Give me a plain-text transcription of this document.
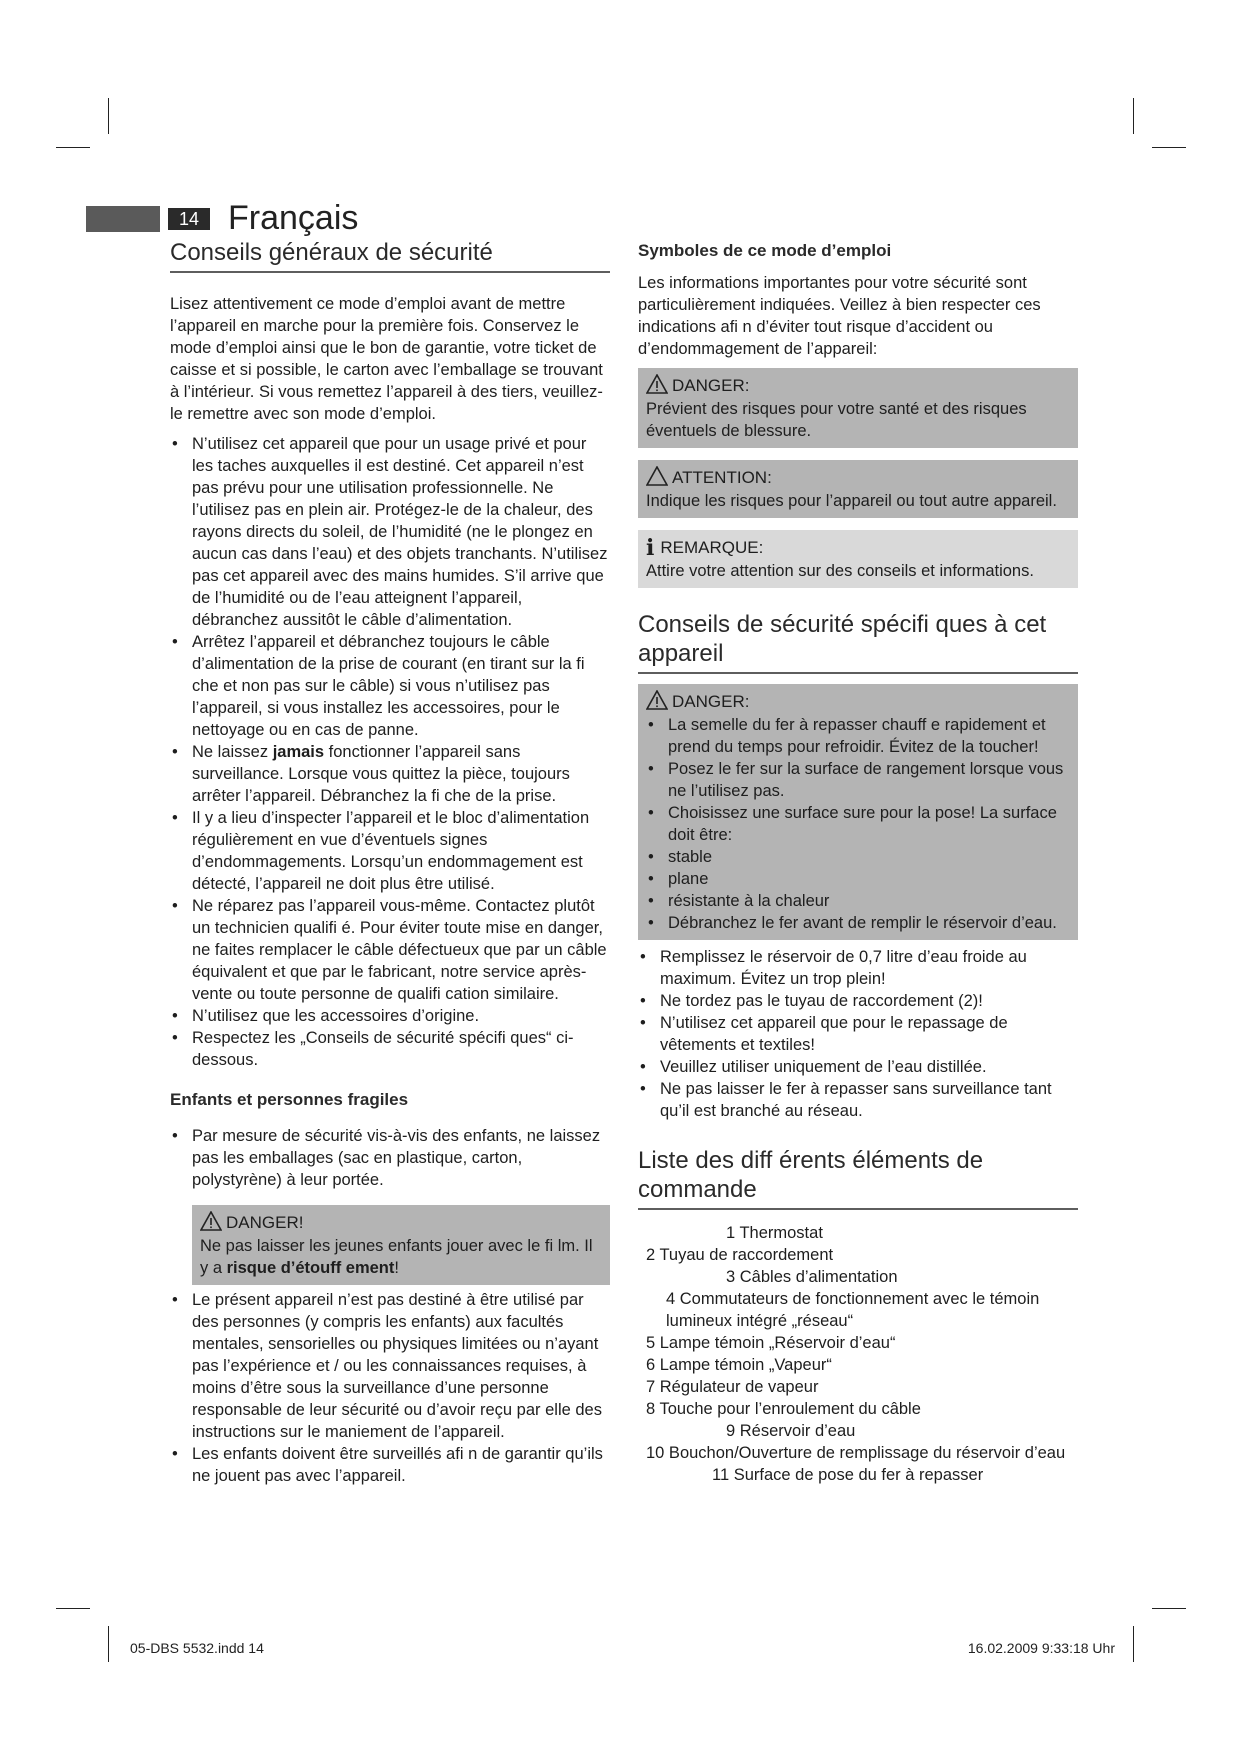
14 Français
Conseils généraux de sécurité

Lisez attentivement ce mode d’emploi avant de mettre l’appareil en marche pour la première fois. Conservez le mode d’emploi ainsi que le bon de garantie, votre ticket de caisse et si possible, le carton avec l’emballage se trouvant à l’intérieur. Si vous remettez l’appareil à des tiers, veuillez-le remettre avec son mode d’emploi.

• N’utilisez cet appareil que pour un usage privé et pour les taches auxquelles il est destiné. Cet appareil n’est pas prévu pour une utilisation professionnelle. Ne l’utilisez pas en plein air. Protégez-le de la chaleur, des rayons directs du soleil, de l’humidité (ne le plongez en aucun cas dans l’eau) et des objets tranchants. N’utilisez pas cet appareil avec des mains humides. S’il arrive que de l’humidité ou de l’eau atteignent l’appareil, débranchez aussitôt le câble d’alimentation.
• Arrêtez l’appareil et débranchez toujours le câble d’alimentation de la prise de courant (en tirant sur la fi che et non pas sur le câble) si vous n’utilisez pas l’appareil, si vous installez les accessoires, pour le nettoyage ou en cas de panne.
• Ne laissez jamais fonctionner l’appareil sans surveillance. Lorsque vous quittez la pièce, toujours arrêter l’appareil. Débranchez la fi che de la prise.
• Il y a lieu d’inspecter l’appareil et le bloc d’alimentation régulièrement en vue d’éventuels signes d’endommagements. Lorsqu’un endommagement est détecté, l’appareil ne doit plus être utilisé.
• Ne réparez pas l’appareil vous-même. Contactez plutôt un technicien qualifi é. Pour éviter toute mise en danger, ne faites remplacer le câble défectueux que par un câble équivalent et que par le fabricant, notre service après-vente ou toute personne de qualifi cation similaire.
• N’utilisez que les accessoires d’origine.
• Respectez les „Conseils de sécurité spécifi ques“ ci-dessous.
Enfants et personnes fragiles
• Par mesure de sécurité vis-à-vis des enfants, ne laissez pas les emballages (sac en plastique, carton, polystyrène) à leur portée.
DANGER!
Ne pas laisser les jeunes enfants jouer avec le fi lm. Il y a risque d’étouff ement!
• Le présent appareil n’est pas destiné à être utilisé par des personnes (y compris les enfants) aux facultés mentales, sensorielles ou physiques limitées ou n’ayant pas l’expérience et / ou les connaissances requises, à moins d’être sous la surveillance d’une personne responsable de leur sécurité ou d’avoir reçu par elle des instructions sur le maniement de l’appareil.
• Les enfants doivent être surveillés afi n de garantir qu’ils ne jouent pas avec l’appareil.
Symboles de ce mode d’emploi

Les informations importantes pour votre sécurité sont particulièrement indiquées. Veillez à bien respecter ces indications afi n d’éviter tout risque d’accident ou d’endommagement de l’appareil:

DANGER:
Prévient des risques pour votre santé et des risques éventuels de blessure.
ATTENTION:
Indique les risques pour l’appareil ou tout autre appareil.
i REMARQUE:
Attire votre attention sur des conseils et informations.
Conseils de sécurité spécifi ques à cet appareil
DANGER:
• La semelle du fer à repasser chauff e rapidement et prend du temps pour refroidir. Évitez de la toucher!
• Posez le fer sur la surface de rangement lorsque vous ne l’utilisez pas.
• Choisissez une surface sure pour la pose! La surface doit être:
• stable
• plane
• résistante à la chaleur
• Débranchez le fer avant de remplir le réservoir d’eau.
• Remplissez le réservoir de 0,7 litre d’eau froide au maximum. Évitez un trop plein!
• Ne tordez pas le tuyau de raccordement (2)!
• N’utilisez cet appareil que pour le repassage de vêtements et textiles!
• Veuillez utiliser uniquement de l’eau distillée.
• Ne pas laisser le fer à repasser sans surveillance tant qu’il est branché au réseau.
Liste des diff érents éléments de commande
1 Thermostat
2 Tuyau de raccordement
3 Câbles d’alimentation
4 Commutateurs de fonctionnement avec le témoin lumineux intégré „réseau“
5 Lampe témoin „Réservoir d’eau“
6 Lampe témoin „Vapeur“
7 Régulateur de vapeur
8 Touche pour l’enroulement du câble
9 Réservoir d’eau
10 Bouchon/Ouverture de remplissage du réservoir d’eau
11 Surface de pose du fer à repasser
05-DBS 5532.indd 14	16.02.2009 9:33:18 Uhr
